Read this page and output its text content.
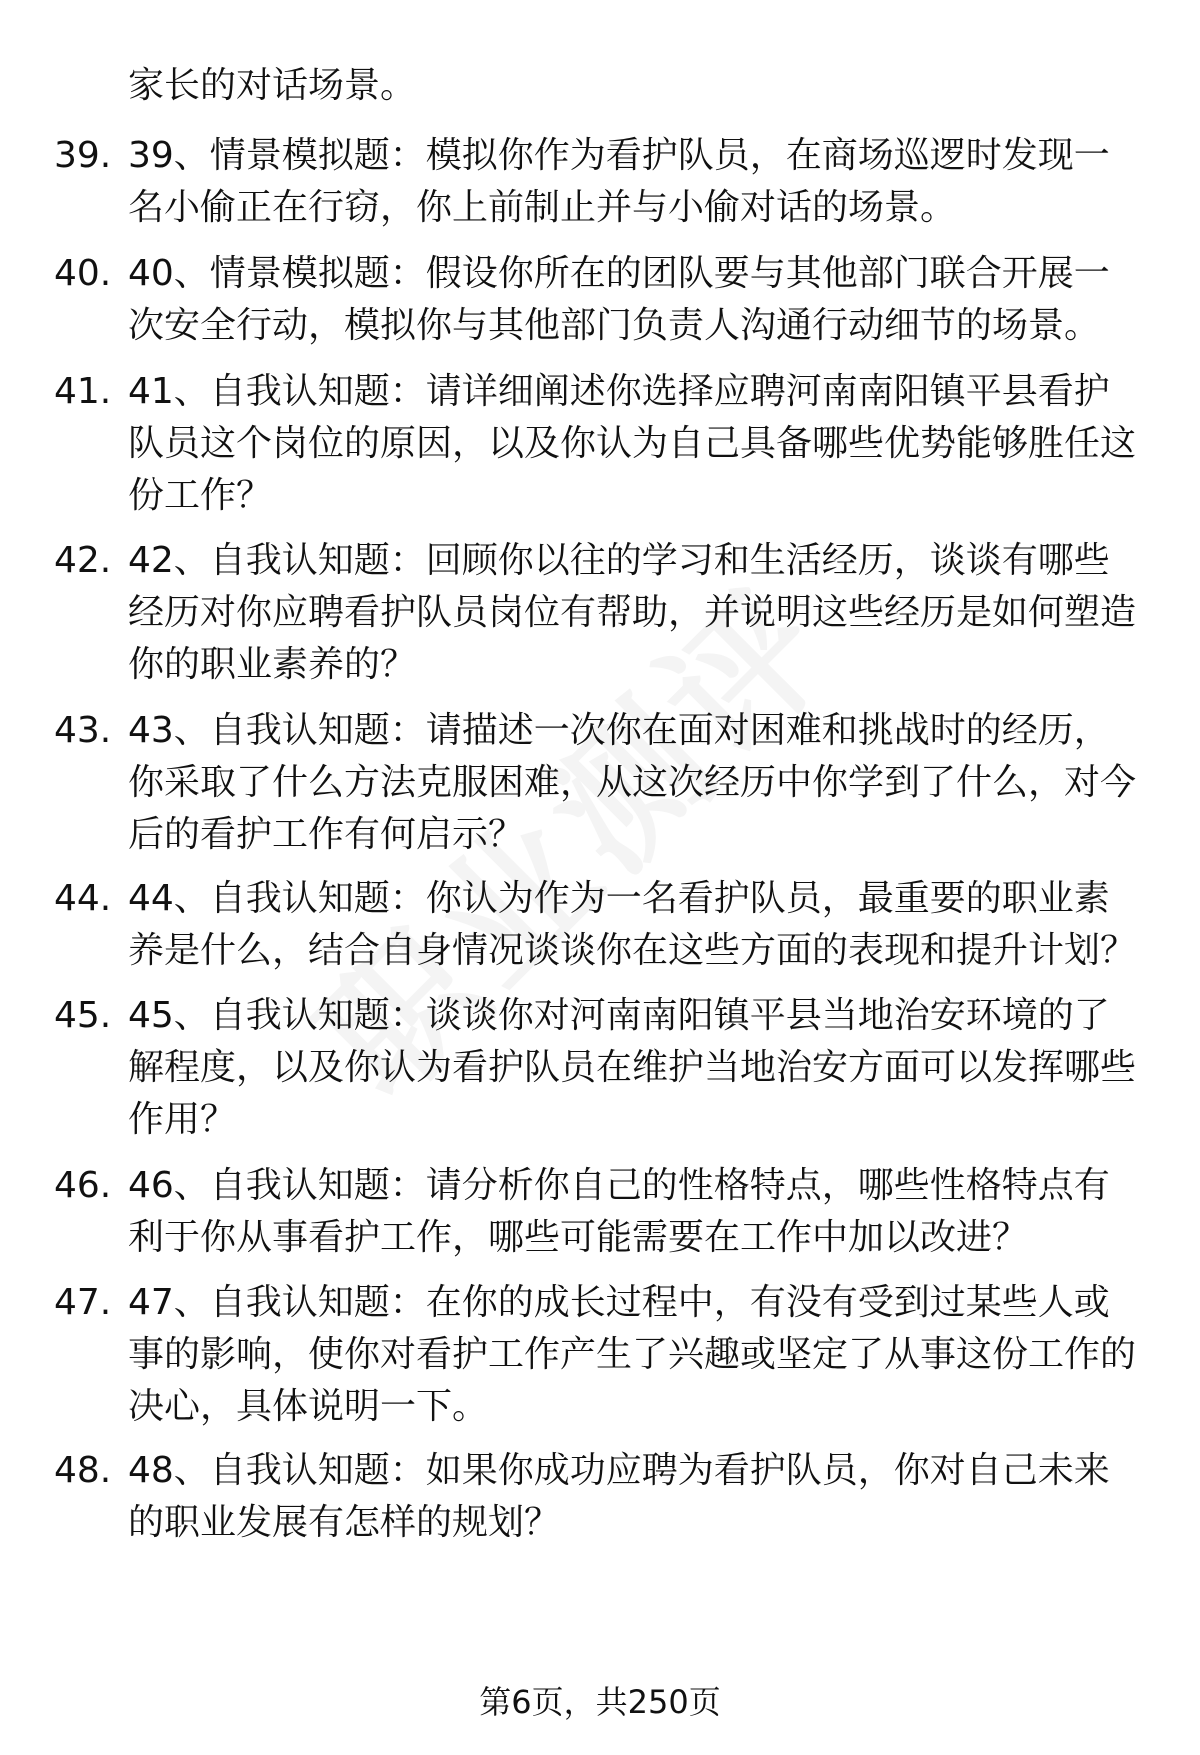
家长的对话场景。
39. 39、情景模拟题：模拟你作为看护队员，在商场巡逻时发现一名小偷正在行窃，你上前制止并与小偷对话的场景。
40. 40、情景模拟题：假设你所在的团队要与其他部门联合开展一次安全行动，模拟你与其他部门负责人沟通行动细节的场景。
41. 41、自我认知题：请详细阐述你选择应聘河南南阳镇平县看护队员这个岗位的原因，以及你认为自己具备哪些优势能够胜任这份工作？
42. 42、自我认知题：回顾你以往的学习和生活经历，谈谈有哪些经历对你应聘看护队员岗位有帮助，并说明这些经历是如何塑造你的职业素养的？
43. 43、自我认知题：请描述一次你在面对困难和挑战时的经历，你采取了什么方法克服困难，从这次经历中你学到了什么，对今后的看护工作有何启示？
44. 44、自我认知题：你认为作为一名看护队员，最重要的职业素养是什么，结合自身情况谈谈你在这些方面的表现和提升计划？
45. 45、自我认知题：谈谈你对河南南阳镇平县当地治安环境的了解程度，以及你认为看护队员在维护当地治安方面可以发挥哪些作用？
46. 46、自我认知题：请分析你自己的性格特点，哪些性格特点有利于你从事看护工作，哪些可能需要在工作中加以改进？
47. 47、自我认知题：在你的成长过程中，有没有受到过某些人或事的影响，使你对看护工作产生了兴趣或坚定了从事这份工作的决心，具体说明一下。
48. 48、自我认知题：如果你成功应聘为看护队员，你对自己未来的职业发展有怎样的规划？
第6页，共250页
